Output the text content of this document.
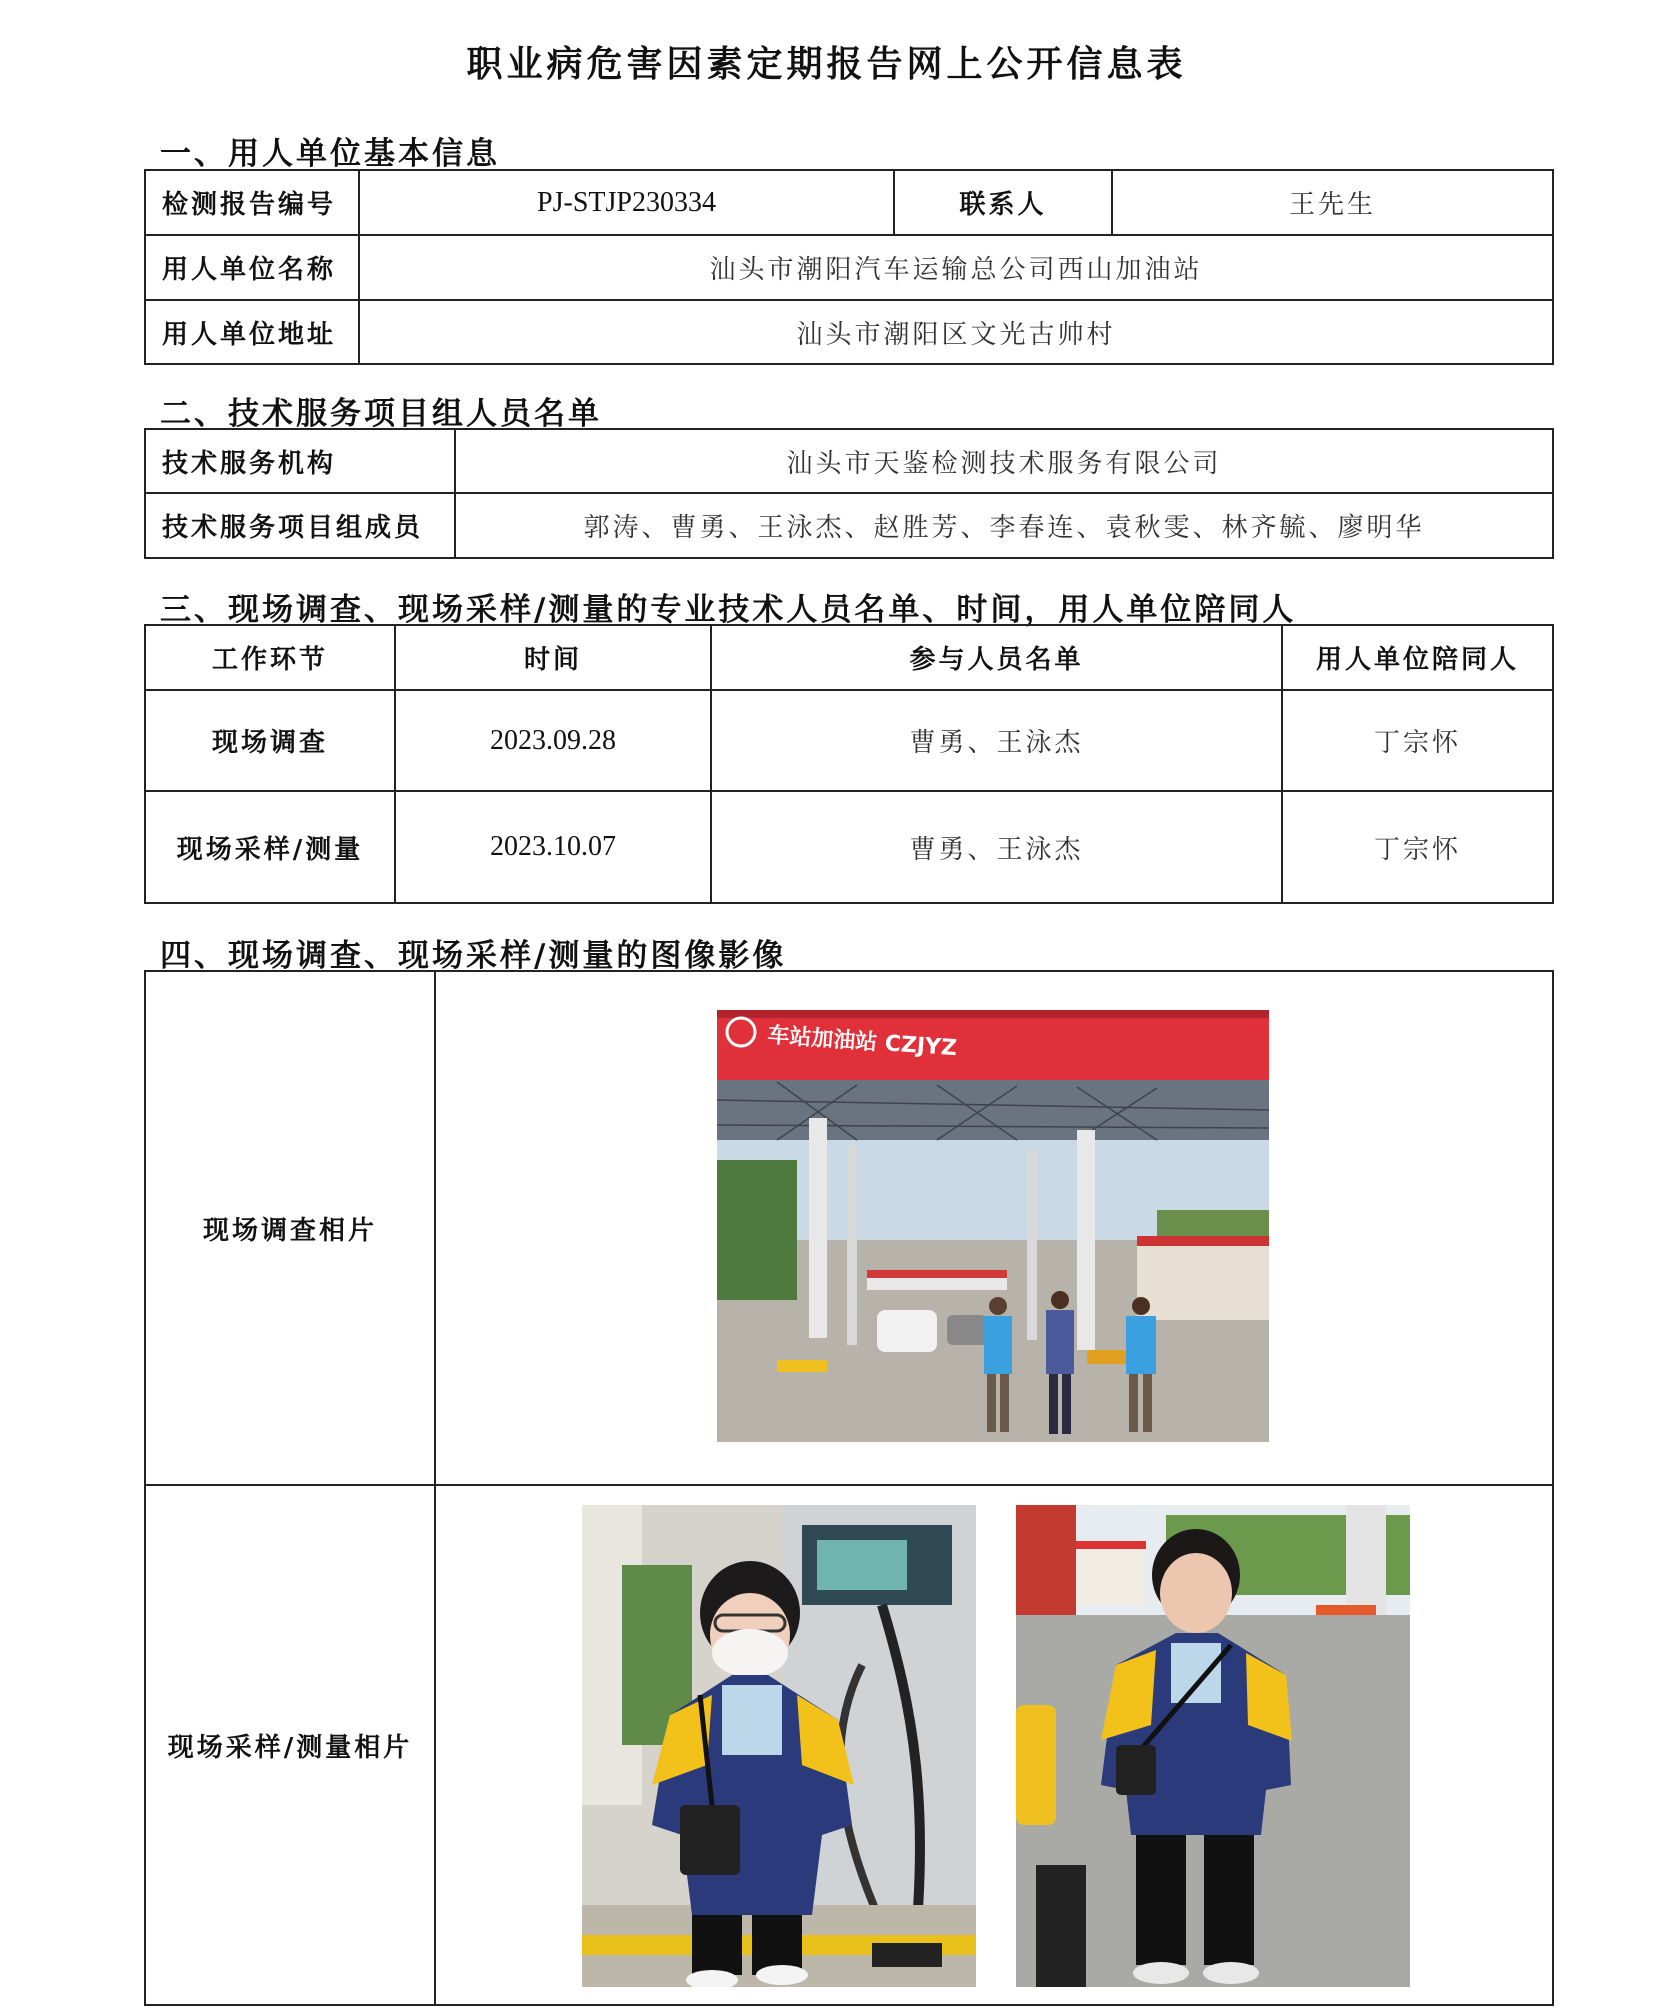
职业病危害因素定期报告网上公开信息表
一、用人单位基本信息
检测报告编号	PJ-STJP230334	联系人	王先生
用人单位名称	汕头市潮阳汽车运输总公司西山加油站		
用人单位地址	汕头市潮阳区文光古帅村		
二、技术服务项目组人员名单
技术服务机构	汕头市天鉴检测技术服务有限公司
技术服务项目组成员	郭涛、曹勇、王泳杰、赵胜芳、李春连、袁秋雯、林齐毓、廖明华
三、现场调查、现场采样/测量的专业技术人员名单、时间，用人单位陪同人
工作环节	时间	参与人员名单	用人单位陪同人
现场调查	2023.09.28	曹勇、王泳杰	丁宗怀
现场采样/测量	2023.10.07	曹勇、王泳杰	丁宗怀
四、现场调查、现场采样/测量的图像影像
现场调查相片	
现场采样/测量相片	
车站加油站 CZJYZ
